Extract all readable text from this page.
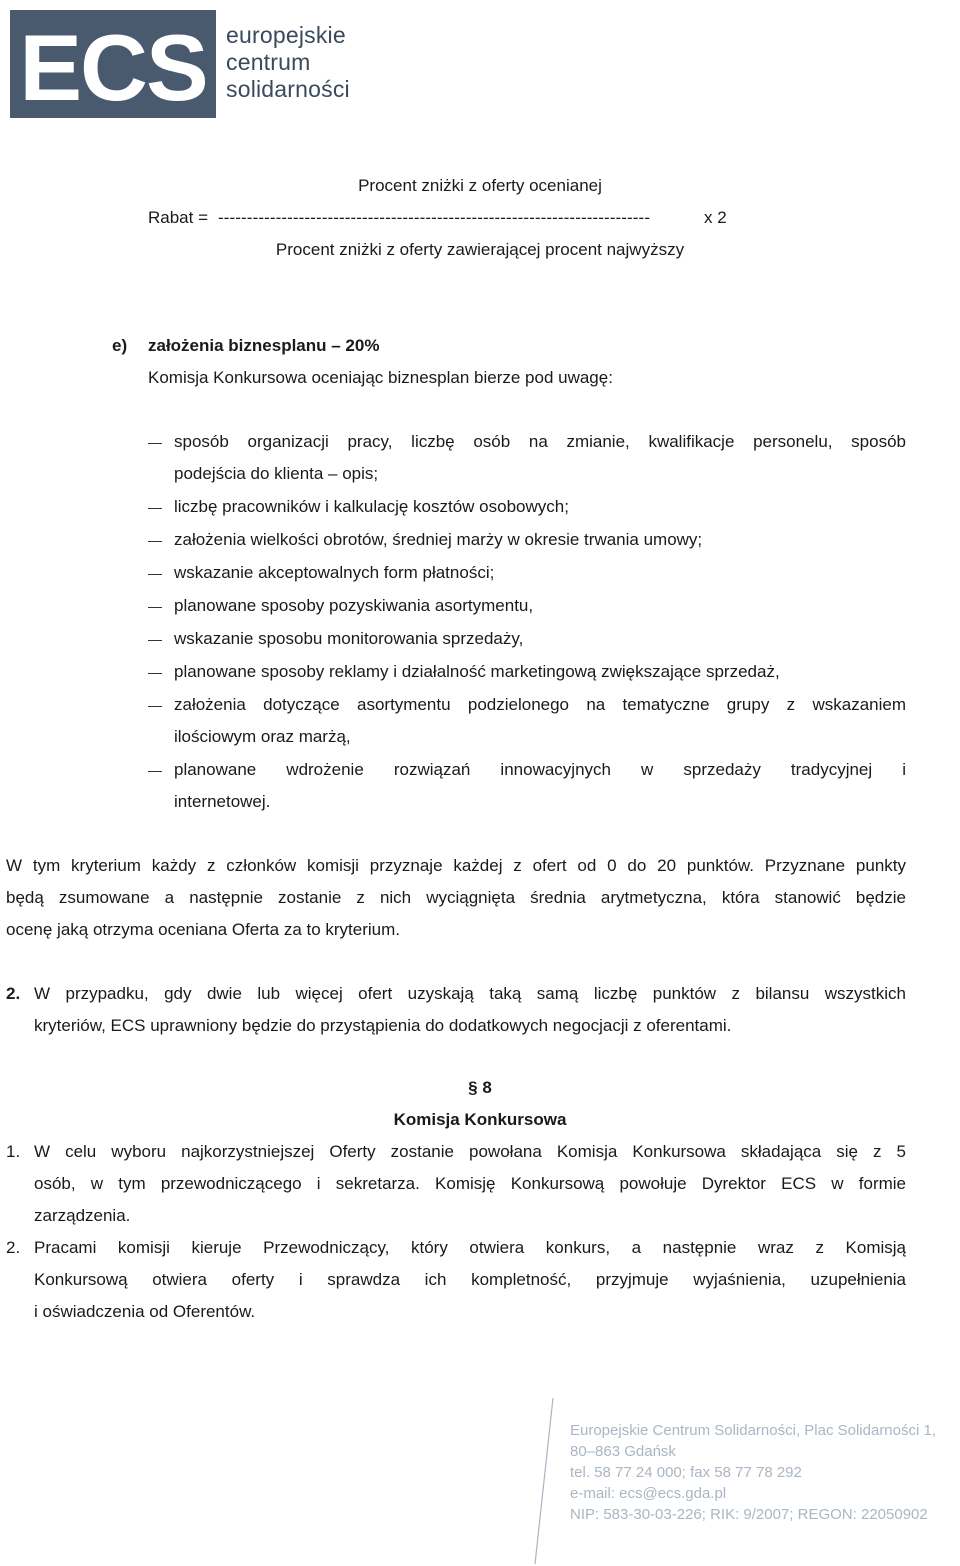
ECS europejskie
centrum
solidarności
Procent zniżki z oferty ocenianej
Rabat = ---------------------------------------------------------------------------	x 2
Procent zniżki z oferty zawierającej procent najwyższy
e) założenia biznesplanu – 20%
Komisja Konkursowa oceniając biznesplan bierze pod uwagę:
sposób organizacji pracy, liczbę osób na zmianie, kwalifikacje personelu, sposób
podejścia do klienta – opis;
liczbę pracowników i kalkulację kosztów osobowych;
założenia wielkości obrotów, średniej marży w okresie trwania umowy;
wskazanie akceptowalnych form płatności;
planowane sposoby pozyskiwania asortymentu,
wskazanie sposobu monitorowania sprzedaży,
planowane sposoby reklamy i działalność marketingową zwiększające sprzedaż,
założenia dotyczące asortymentu podzielonego na tematyczne grupy z wskazaniem
ilościowym oraz marżą,
planowane wdrożenie rozwiązań innowacyjnych w sprzedaży tradycyjnej i
internetowej.
W tym kryterium każdy z członków komisji przyznaje każdej z ofert od 0 do 20 punktów. Przyznane punkty
będą zsumowane a następnie zostanie z nich wyciągnięta średnia arytmetyczna, która stanowić będzie
ocenę jaką otrzyma oceniana Oferta za to kryterium.
2. W przypadku, gdy dwie lub więcej ofert uzyskają taką samą liczbę punktów z bilansu wszystkich
kryteriów, ECS uprawniony będzie do przystąpienia do dodatkowych negocjacji z oferentami.
§ 8
Komisja Konkursowa
1. W celu wyboru najkorzystniejszej Oferty zostanie powołana Komisja Konkursowa składająca się z 5
osób, w tym przewodniczącego i sekretarza. Komisję Konkursową powołuje Dyrektor ECS w formie
zarządzenia.
2. Pracami komisji kieruje Przewodniczący, który otwiera konkurs, a następnie wraz z Komisją
Konkursową otwiera oferty i sprawdza ich kompletność, przyjmuje wyjaśnienia, uzupełnienia
i oświadczenia od Oferentów.
Europejskie Centrum Solidarności, Plac Solidarności 1,
80–863 Gdańsk
tel. 58 77 24 000; fax 58 77 78 292
e-mail: ecs@ecs.gda.pl
NIP: 583-30-03-226; RIK: 9/2007; REGON: 22050902
